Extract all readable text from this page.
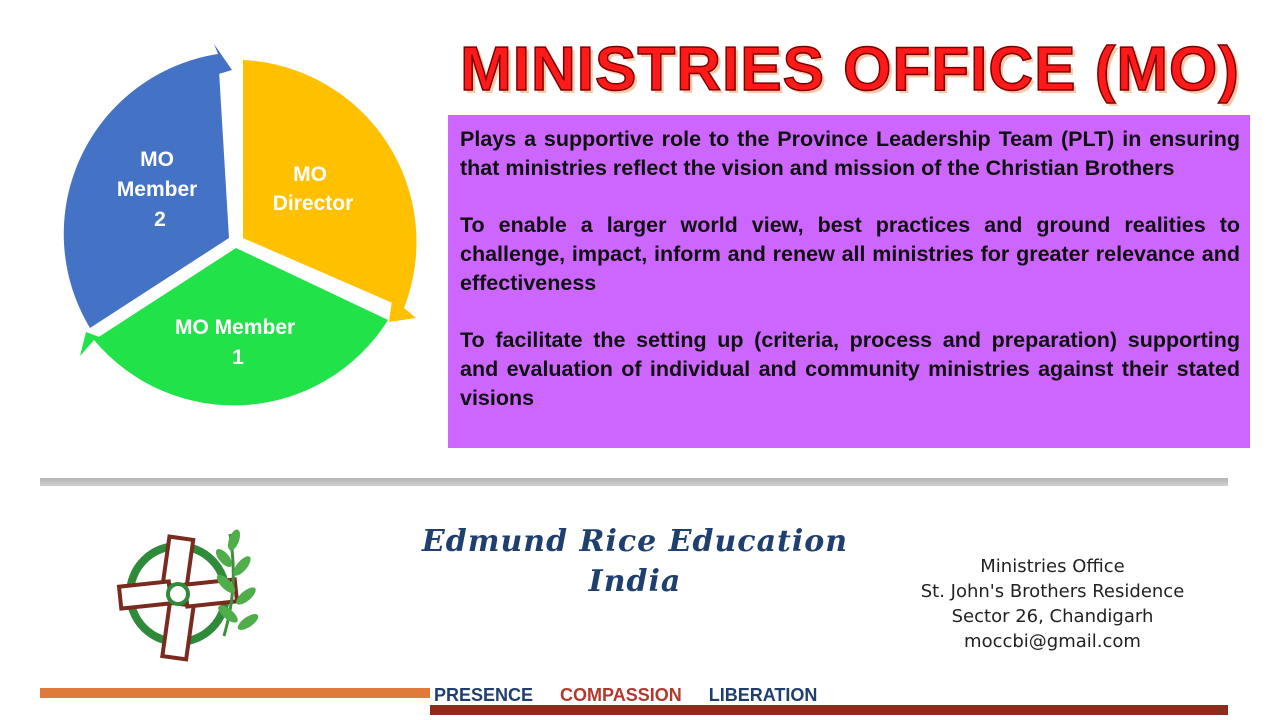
MINISTRIES OFFICE (MO)
MO Director
MO Member 1
MO Member 2

Plays a supportive role to the Province Leadership Team (PLT) in ensuring that ministries reflect the vision and mission of the Christian Brothers

To enable a larger world view, best practices and ground realities to challenge, impact, inform and renew all ministries for greater relevance and effectiveness

To facilitate the setting up (criteria, process and preparation) supporting and evaluation of individual and community ministries against their stated visions

Edmund Rice Education
India	Ministries Office
St. John's Brothers Residence
Sector 26, Chandigarh
moccbi@gmail.com
PRESENCE COMPASSION LIBERATION
